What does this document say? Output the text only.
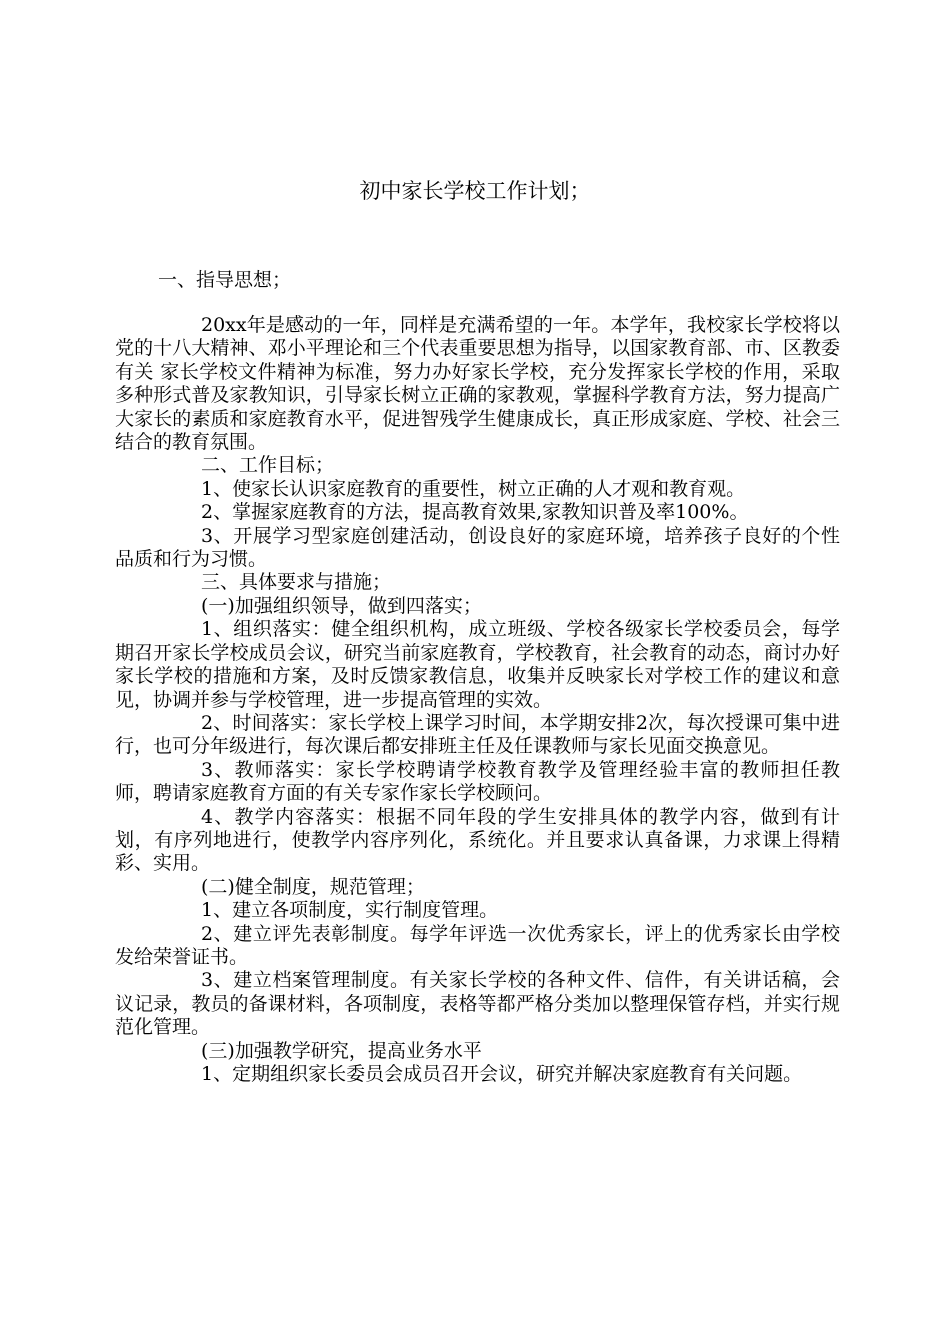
初中家长学校工作计划；
一、指导思想；

20xx年是感动的一年，同样是充满希望的一年。本学年，我校家长学校将以党的十八大精神、邓小平理论和三个代表重要思想为指导，以国家教育部、市、区教委有关 家长学校文件精神为标准，努力办好家长学校，充分发挥家长学校的作用，采取多种形式普及家教知识，引导家长树立正确的家教观，掌握科学教育方法，努力提高广大家长的素质和家庭教育水平，促进智残学生健康成长，真正形成家庭、学校、社会三结合的教育氛围。

二、工作目标；

1、使家长认识家庭教育的重要性，树立正确的人才观和教育观。

2、掌握家庭教育的方法，提高教育效果,家教知识普及率100%。

3、开展学习型家庭创建活动，创设良好的家庭环境，培养孩子良好的个性品质和行为习惯。

三、具体要求与措施；

(一)加强组织领导，做到四落实；

1、组织落实：健全组织机构，成立班级、学校各级家长学校委员会，每学期召开家长学校成员会议，研究当前家庭教育，学校教育，社会教育的动态，商讨办好 家长学校的措施和方案，及时反馈家教信息，收集并反映家长对学校工作的建议和意见，协调并参与学校管理，进一步提高管理的实效。

2、时间落实：家长学校上课学习时间，本学期安排2次，每次授课可集中进行，也可分年级进行，每次课后都安排班主任及任课教师与家长见面交换意见。

3、教师落实：家长学校聘请学校教育教学及管理经验丰富的教师担任教师，聘请家庭教育方面的有关专家作家长学校顾问。

4、教学内容落实：根据不同年段的学生安排具体的教学内容，做到有计划，有序列地进行，使教学内容序列化，系统化。并且要求认真备课，力求课上得精彩、实用。

(二)健全制度，规范管理；

1、建立各项制度，实行制度管理。

2、建立评先表彰制度。每学年评选一次优秀家长，评上的优秀家长由学校发给荣誉证书。

3、建立档案管理制度。有关家长学校的各种文件、信件，有关讲话稿，会议记录，教员的备课材料，各项制度，表格等都严格分类加以整理保管存档，并实行规范化管理。

(三)加强教学研究，提高业务水平

1、定期组织家长委员会成员召开会议，研究并解决家庭教育有关问题。
